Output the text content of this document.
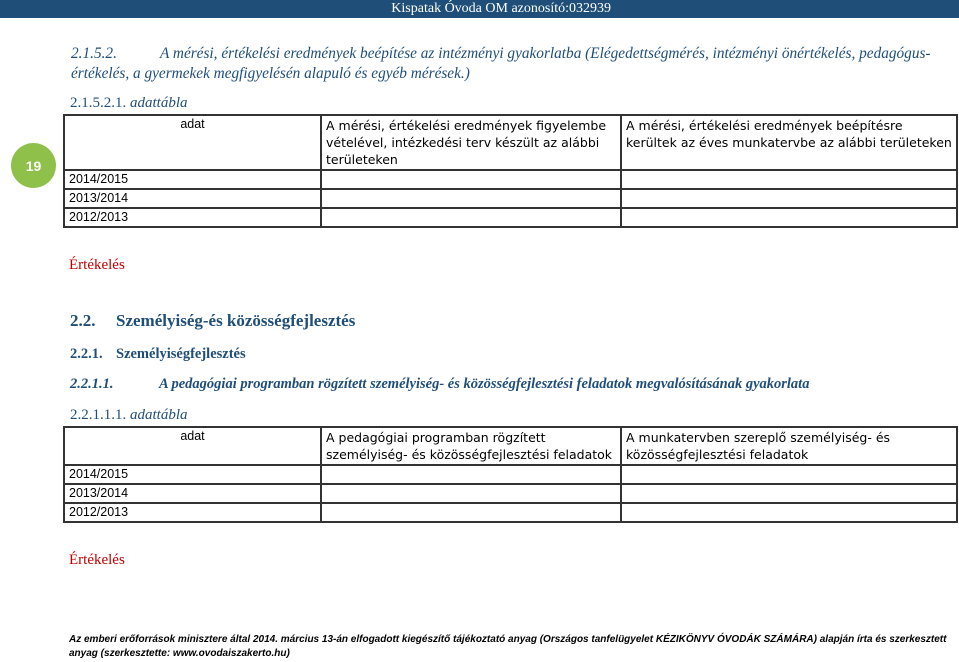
Kispatak Óvoda OM azonosító:032939
19
2.1.5.2.	A mérési, értékelési eredmények beépítése az intézményi gyakorlatba (Elégedettségmérés, intézményi önértékelés, pedagógus-értékelés, a gyermekek megfigyelésén alapuló és egyéb mérések.)
2.1.5.2.1. adattábla
adat	A mérési, értékelési eredmények figyelembe vételével, intézkedési terv készült az alábbi területeken	A mérési, értékelési eredmények beépítésre kerültek az éves munkatervbe az alábbi területeken
2014/2015		
2013/2014		
2012/2013		
Értékelés
2.2. Személyiség-és közösségfejlesztés
2.2.1. Személyiségfejlesztés
2.2.1.1.	A pedagógiai programban rögzített személyiség- és közösségfejlesztési feladatok megvalósításának gyakorlata
2.2.1.1.1. adattábla
adat	A pedagógiai programban rögzített személyiség- és közösségfejlesztési feladatok	A munkatervben szereplő személyiség- és közösségfejlesztési feladatok
2014/2015		
2013/2014		
2012/2013		
Értékelés
Az emberi erőforrások minisztere által 2014. március 13-án elfogadott kiegészítő tájékoztató anyag (Országos tanfelügyelet KÉZIKÖNYV ÓVODÁK SZÁMÁRA) alapján írta és szerkesztett anyag (szerkesztette: www.ovodaiszakerto.hu)
